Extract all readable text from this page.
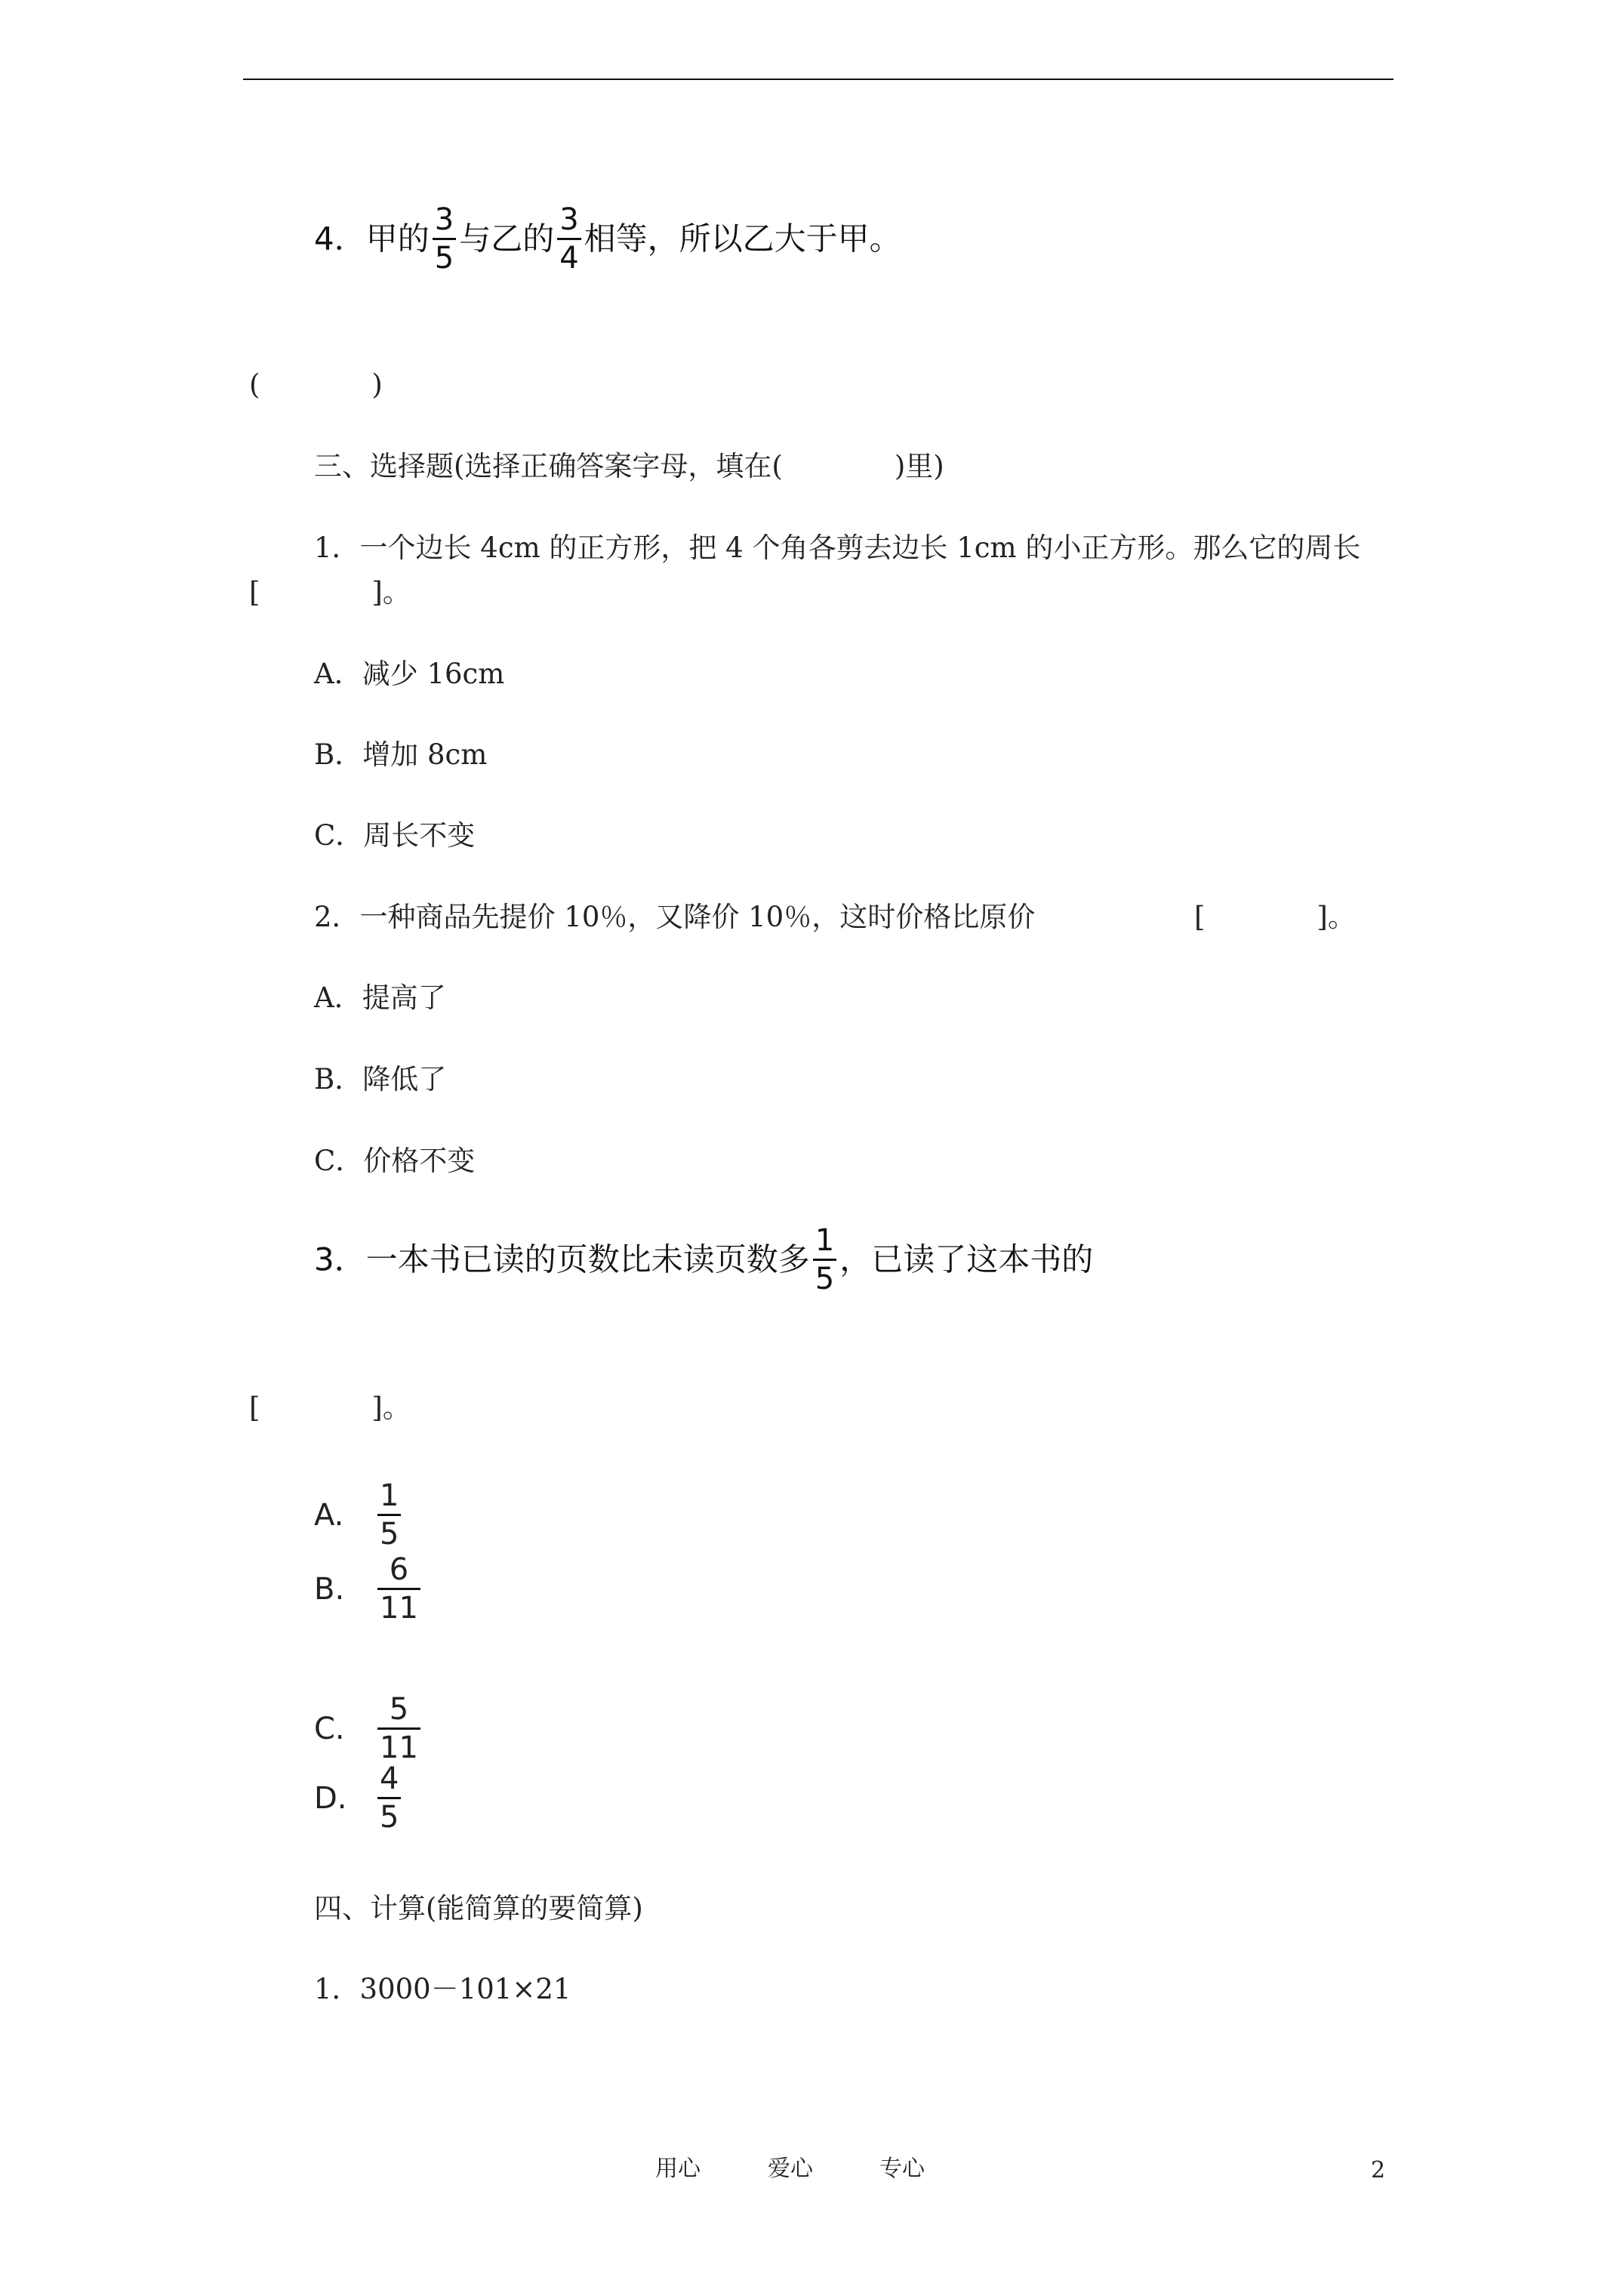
4．甲的 $\frac{3}{5}$ 与乙的 $\frac{3}{4}$ 相等，所以乙大于甲。
(　　　　)
三、选择题(选择正确答案字母，填在(　　　　)里)
1．一个边长 4cm 的正方形，把 4 个角各剪去边长 1cm 的小正方形。那么它的周长
[　　　　]。
A．减少 16cm
B．增加 8cm
C．周长不变
2．一种商品先提价 10％，又降价 10％，这时价格比原价	[　　　　]。
A．提高了
B．降低了
C．价格不变
3．一本书已读的页数比未读页数多 $\frac{1}{5}$ ，已读了这本书的
[　　　　]。
A. $\frac{1}{5}$
B. $\frac{6}{11}$
C. $\frac{5}{11}$
D. $\frac{4}{5}$
四、计算(能简算的要简算)
1．3000－101×21
用心	爱心	专心	2
